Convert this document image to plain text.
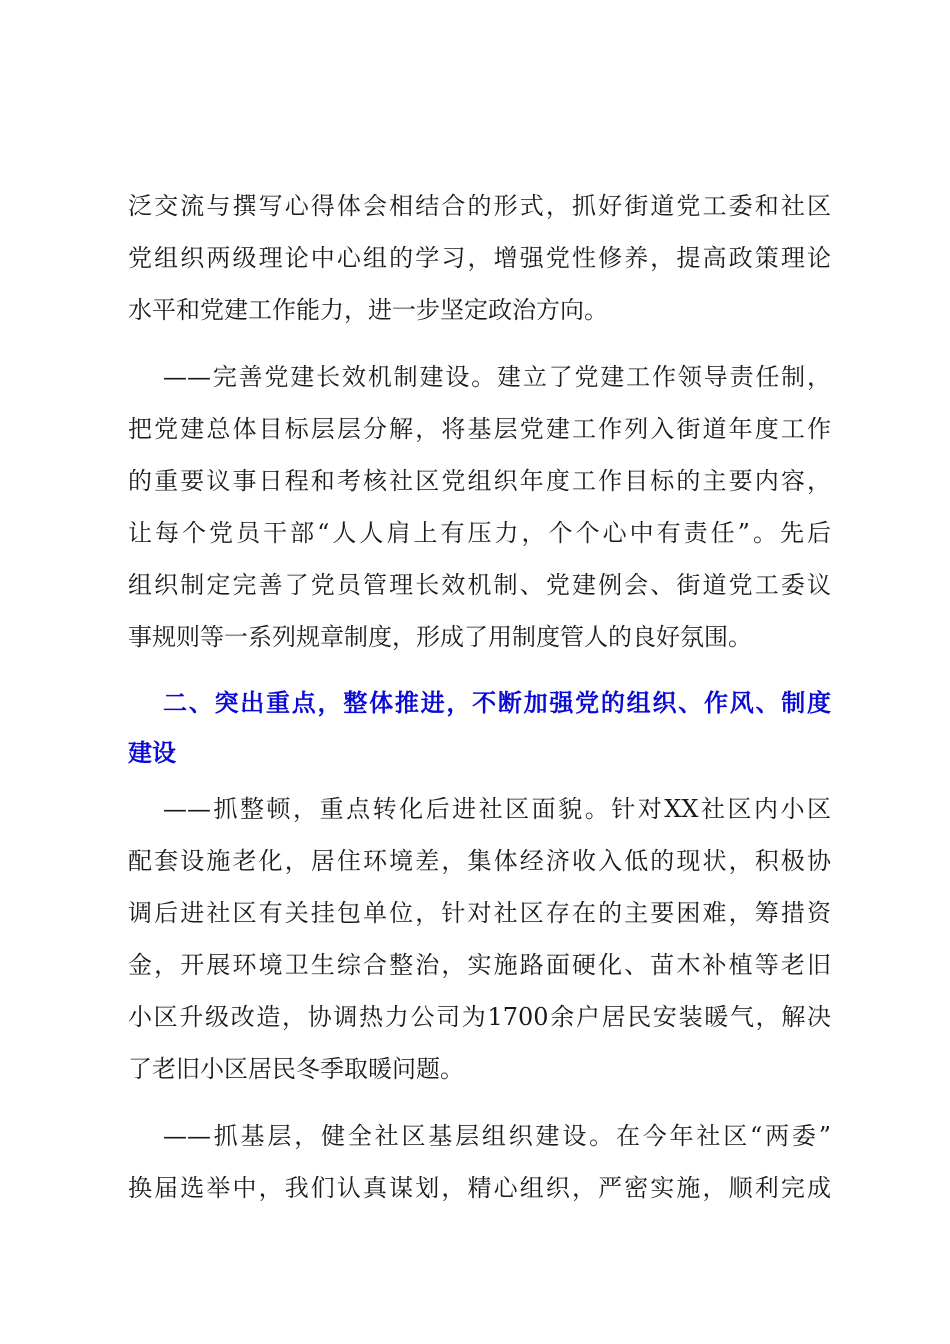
泛交流与撰写心得体会相结合的形式，抓好街道党工委和社区
党组织两级理论中心组的学习，增强党性修养，提高政策理论
水平和党建工作能力，进一步坚定政治方向。
——完善党建长效机制建设。建立了党建工作领导责任制，
把党建总体目标层层分解，将基层党建工作列入街道年度工作
的重要议事日程和考核社区党组织年度工作目标的主要内容，
让每个党员干部“人人肩上有压力，个个心中有责任”。先后
组织制定完善了党员管理长效机制、党建例会、街道党工委议
事规则等一系列规章制度，形成了用制度管人的良好氛围。
二、突出重点，整体推进，不断加强党的组织、作风、制度
建设
——抓整顿，重点转化后进社区面貌。针对XX社区内小区
配套设施老化，居住环境差，集体经济收入低的现状，积极协
调后进社区有关挂包单位，针对社区存在的主要困难，筹措资
金，开展环境卫生综合整治，实施路面硬化、苗木补植等老旧
小区升级改造，协调热力公司为1700余户居民安装暖气，解决
了老旧小区居民冬季取暖问题。
——抓基层，健全社区基层组织建设。在今年社区“两委”
换届选举中，我们认真谋划，精心组织，严密实施，顺利完成
